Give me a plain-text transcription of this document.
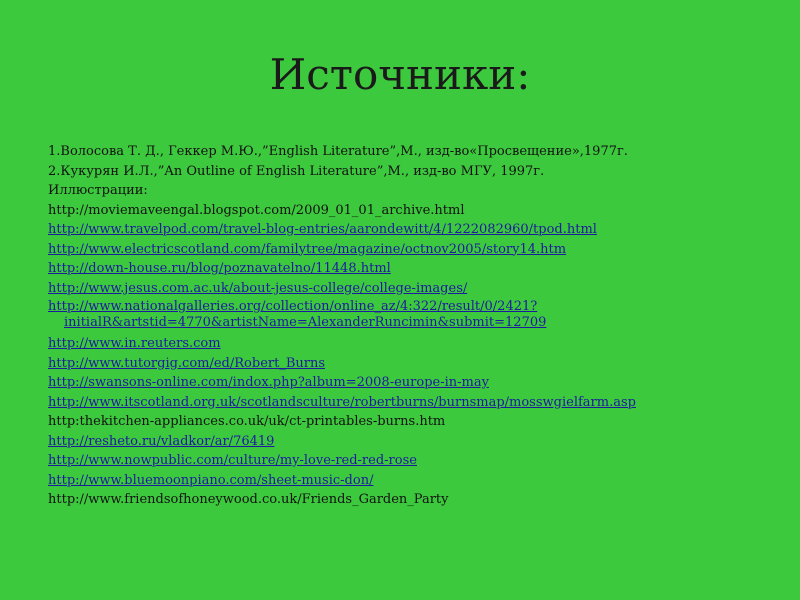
Источники:

1.Волосова Т. Д., Геккер М.Ю.,”English Literature”,М., изд-во«Просвещение»,1977г.

2.Кукурян И.Л.,”An Outline of English Literature”,М., изд-во МГУ, 1997г.

Иллюстрации:

http://moviemaveengal.blogspot.com/2009_01_01_archive.html

http://www.travelpod.com/travel-blog-entries/aarondewitt/4/1222082960/tpod.html

http://www.electricscotland.com/familytree/magazine/octnov2005/story14.htm

http://down-house.ru/blog/poznavatelno/11448.html

http://www.jesus.com.ac.uk/about-jesus-college/college-images/

http://www.nationalgalleries.org/collection/online_az/4:322/result/0/2421?initialR&artstid=4770&artistName=AlexanderRuncimin&submit=12709

http://www.in.reuters.com

http://www.tutorgig.com/ed/Robert_Burns

http://swansons-online.com/indox.php?album=2008-europe-in-may

http://www.itscotland.org.uk/scotlandsculture/robertburns/burnsmap/mosswgielfarm.asp

http:thekitchen-appliances.co.uk/uk/ct-printables-burns.htm

http://resheto.ru/vladkor/ar/76419

http://www.nowpublic.com/culture/my-love-red-red-rose

http://www.bluemoonpiano.com/sheet-music-don/

http://www.friendsofhoneywood.co.uk/Friends_Garden_Party
